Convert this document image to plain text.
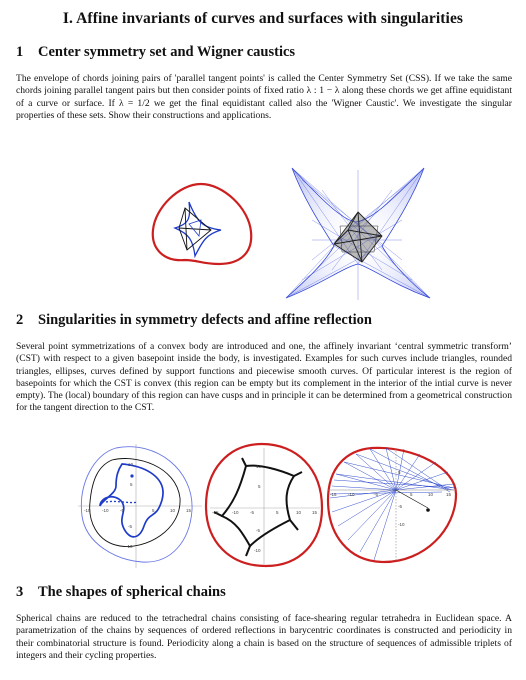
I. Affine invariants of curves and surfaces with singularities
1 Center symmetry set and Wigner caustics
The envelope of chords joining pairs of 'parallel tangent points' is called the Center Symmetry Set (CSS). If we take the same chords joining parallel tangent pairs but then consider points of fixed ratio λ : 1 − λ along these chords we get affine equidistant of a curve or surface. If λ = 1/2 we get the final equidistant called also the 'Wigner Caustic'. We investigate the singular properties of these sets. Show their constructions and applications.
2 Singularities in symmetry defects and affine reflection
Several point symmetrizations of a convex body are introduced and one, the affinely invariant ‘central symmetric transform’ (CST) with respect to a given basepoint inside the body, is investigated. Examples for such curves include triangles, rounded triangles, ellipses, curves defined by support functions and piecewise smooth curves. Of particular interest is the region of basepoints for which the CST is convex (this region can be empty but its complement in the interior of the intial curve is never empty). The (local) boundary of this region can have cusps and in principle it can be determined from a geometrical construction for the tangent direction to the CST.
-15	-10	-5	5	10 15
10
5
-5
-10
-15	-10	-5	5	10 15
10
5
-5
-10
-15	-10	-5	5	10	15
5
-5
-10
3 The shapes of spherical chains
Spherical chains are reduced to the tetrachedral chains consisting of face-shearing regular tetrahedra in Euclidean space. A parametrization of the chains by sequences of ordered reflections in barycentric coordinates is constructed and periodicity in their combinatorial structure is found. Periodicity along a chain is based on the structure of sequences of admissible triplets of integers and their cycling properties.
